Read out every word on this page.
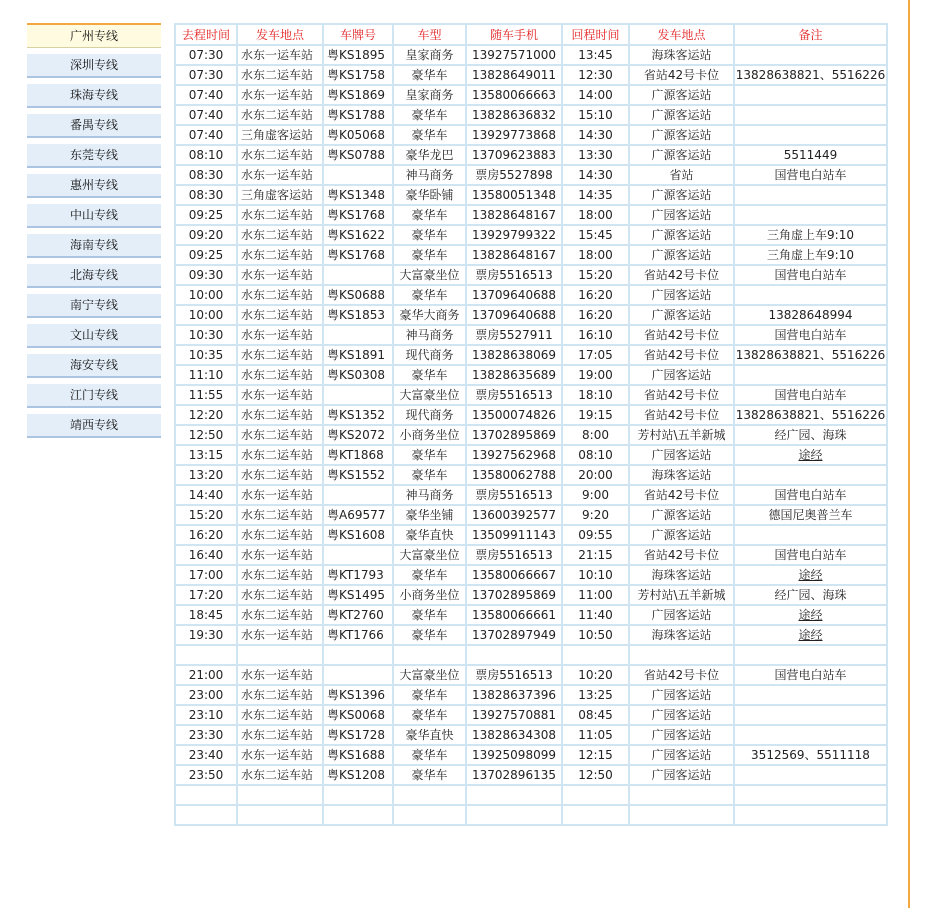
广州专线
深圳专线
珠海专线
番禺专线
东莞专线
惠州专线
中山专线
海南专线
北海专线
南宁专线
文山专线
海安专线
江门专线
靖西专线
去程时间	发车地点	车牌号	车型	随车手机	回程时间	发车地点	备注
07:30	水东一运车站	粤KS1895	皇家商务	13927571000	13:45	海珠客运站	
07:30	水东二运车站	粤KS1758	豪华车	13828649011	12:30	省站42号卡位	13828638821、5516226
07:40	水东一运车站	粤KS1869	皇家商务	13580066663	14:00	广源客运站	
07:40	水东二运车站	粤KS1788	豪华车	13828636832	15:10	广源客运站	
07:40	三角虚客运站	粤K05068	豪华车	13929773868	14:30	广源客运站	
08:10	水东二运车站	粤KS0788	豪华龙巴	13709623883	13:30	广源客运站	5511449
08:30	水东一运车站		神马商务	票房5527898	14:30	省站	国营电白站车
08:30	三角虚客运站	粤KS1348	豪华卧铺	13580051348	14:35	广源客运站	
09:25	水东二运车站	粤KS1768	豪华车	13828648167	18:00	广园客运站	
09:20	水东二运车站	粤KS1622	豪华车	13929799322	15:45	广源客运站	三角虚上车9:10
09:25	水东二运车站	粤KS1768	豪华车	13828648167	18:00	广源客运站	三角虚上车9:10
09:30	水东一运车站		大富豪坐位	票房5516513	15:20	省站42号卡位	国营电白站车
10:00	水东二运车站	粤KS0688	豪华车	13709640688	16:20	广园客运站	
10:00	水东二运车站	粤KS1853	豪华大商务	13709640688	16:20	广源客运站	13828648994
10:30	水东一运车站		神马商务	票房5527911	16:10	省站42号卡位	国营电白站车
10:35	水东二运车站	粤KS1891	现代商务	13828638069	17:05	省站42号卡位	13828638821、5516226
11:10	水东二运车站	粤KS0308	豪华车	13828635689	19:00	广园客运站	
11:55	水东一运车站		大富豪坐位	票房5516513	18:10	省站42号卡位	国营电白站车
12:20	水东二运车站	粤KS1352	现代商务	13500074826	19:15	省站42号卡位	13828638821、5516226
12:50	水东二运车站	粤KS2072	小商务坐位	13702895869	8:00	芳村站\五羊新城	经广园、海珠
13:15	水东二运车站	粤KT1868	豪华车	13927562968	08:10	广园客运站	途经
13:20	水东二运车站	粤KS1552	豪华车	13580062788	20:00	海珠客运站	
14:40	水东一运车站		神马商务	票房5516513	9:00	省站42号卡位	国营电白站车
15:20	水东二运车站	粤A69577	豪华坐铺	13600392577	9:20	广源客运站	德国尼奥普兰车
16:20	水东二运车站	粤KS1608	豪华直快	13509911143	09:55	广源客运站	
16:40	水东一运车站		大富豪坐位	票房5516513	21:15	省站42号卡位	国营电白站车
17:00	水东二运车站	粤KT1793	豪华车	13580066667	10:10	海珠客运站	途经
17:20	水东二运车站	粤KS1495	小商务坐位	13702895869	11:00	芳村站\五羊新城	经广园、海珠
18:45	水东二运车站	粤KT2760	豪华车	13580066661	11:40	广园客运站	途经
19:30	水东一运车站	粤KT1766	豪华车	13702897949	10:50	海珠客运站	途经

21:00	水东一运车站		大富豪坐位	票房5516513	10:20	省站42号卡位	国营电白站车
23:00	水东二运车站	粤KS1396	豪华车	13828637396	13:25	广园客运站	
23:10	水东二运车站	粤KS0068	豪华车	13927570881	08:45	广园客运站	
23:30	水东二运车站	粤KS1728	豪华直快	13828634308	11:05	广园客运站	
23:40	水东一运车站	粤KS1688	豪华车	13925098099	12:15	广园客运站	3512569、5511118
23:50	水东二运车站	粤KS1208	豪华车	13702896135	12:50	广园客运站	
